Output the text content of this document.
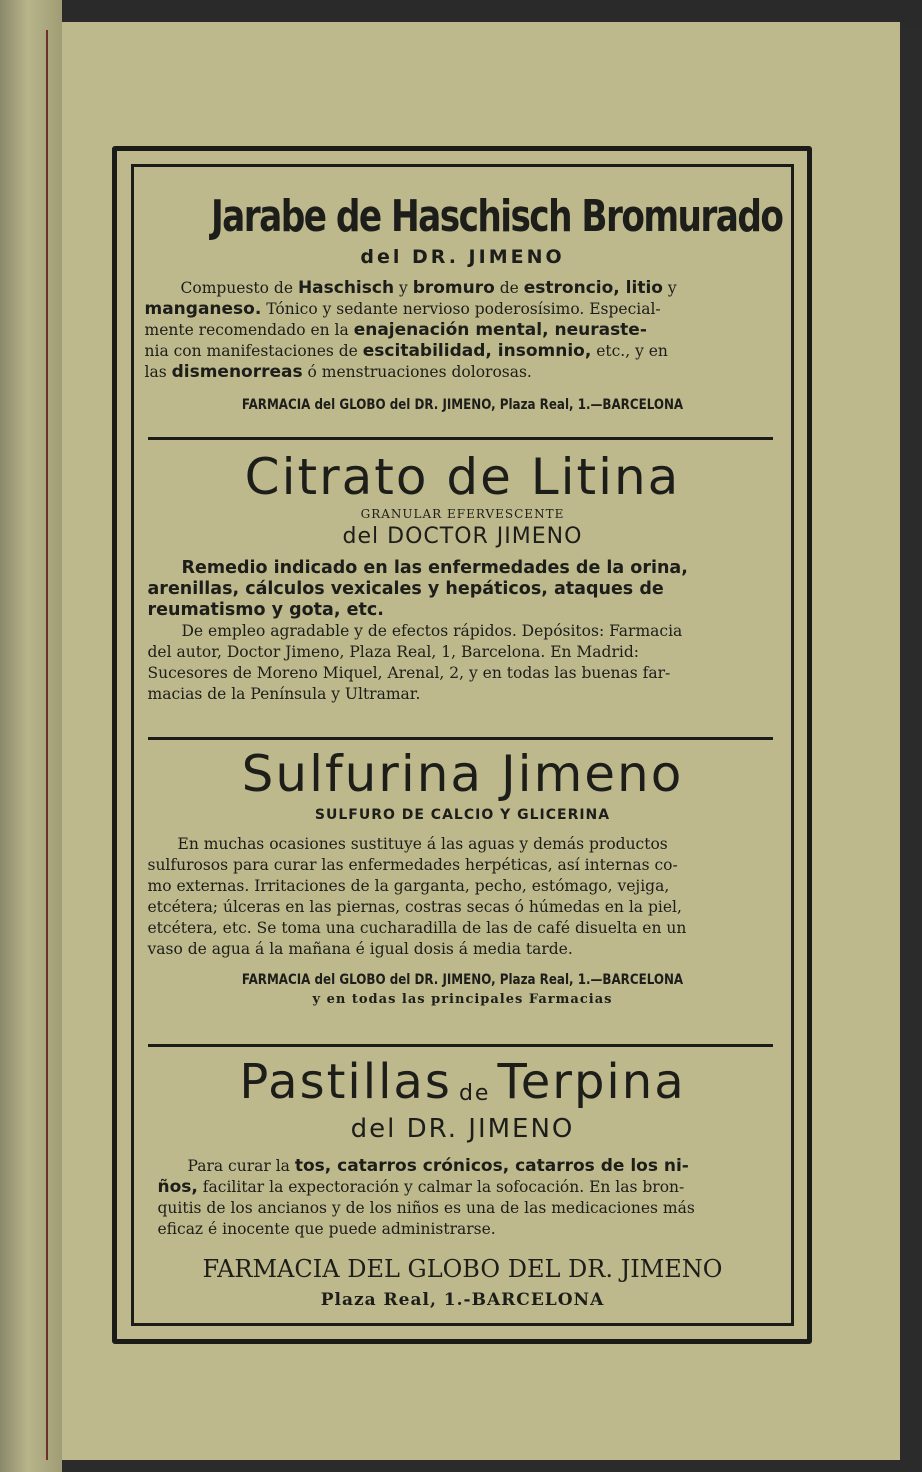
Jarabe de Haschisch Bromurado
del DR. JIMENO
Compuesto de Haschisch y bromuro de estroncio, litio y
manganeso. Tónico y sedante nervioso poderosísimo. Especial-
mente recomendado en la enajenación mental, neuraste-
nia con manifestaciones de escitabilidad, insomnio, etc., y en
las dismenorreas ó menstruaciones dolorosas.
FARMACIA del GLOBO del DR. JIMENO, Plaza Real, 1.—BARCELONA
Citrato de Litina
GRANULAR EFERVESCENTE
del DOCTOR JIMENO
Remedio indicado en las enfermedades de la orina,
arenillas, cálculos vexicales y hepáticos, ataques de
reumatismo y gota, etc.
De empleo agradable y de efectos rápidos. Depósitos: Farmacia
del autor, Doctor Jimeno, Plaza Real, 1, Barcelona. En Madrid:
Sucesores de Moreno Miquel, Arenal, 2, y en todas las buenas far-
macias de la Península y Ultramar.
Sulfurina Jimeno
SULFURO DE CALCIO Y GLICERINA
En muchas ocasiones sustituye á las aguas y demás productos
sulfurosos para curar las enfermedades herpéticas, así internas co-
mo externas. Irritaciones de la garganta, pecho, estómago, vejiga,
etcétera; úlceras en las piernas, costras secas ó húmedas en la piel,
etcétera, etc. Se toma una cucharadilla de las de café disuelta en un
vaso de agua á la mañana é igual dosis á media tarde.
FARMACIA del GLOBO del DR. JIMENO, Plaza Real, 1.—BARCELONA
y en todas las principales Farmacias
Pastillas de Terpina
del DR. JIMENO
Para curar la tos, catarros crónicos, catarros de los ni-
ños, facilitar la expectoración y calmar la sofocación. En las bron-
quitis de los ancianos y de los niños es una de las medicaciones más
eficaz é inocente que puede administrarse.
FARMACIA DEL GLOBO DEL DR. JIMENO
Plaza Real, 1.-BARCELONA
